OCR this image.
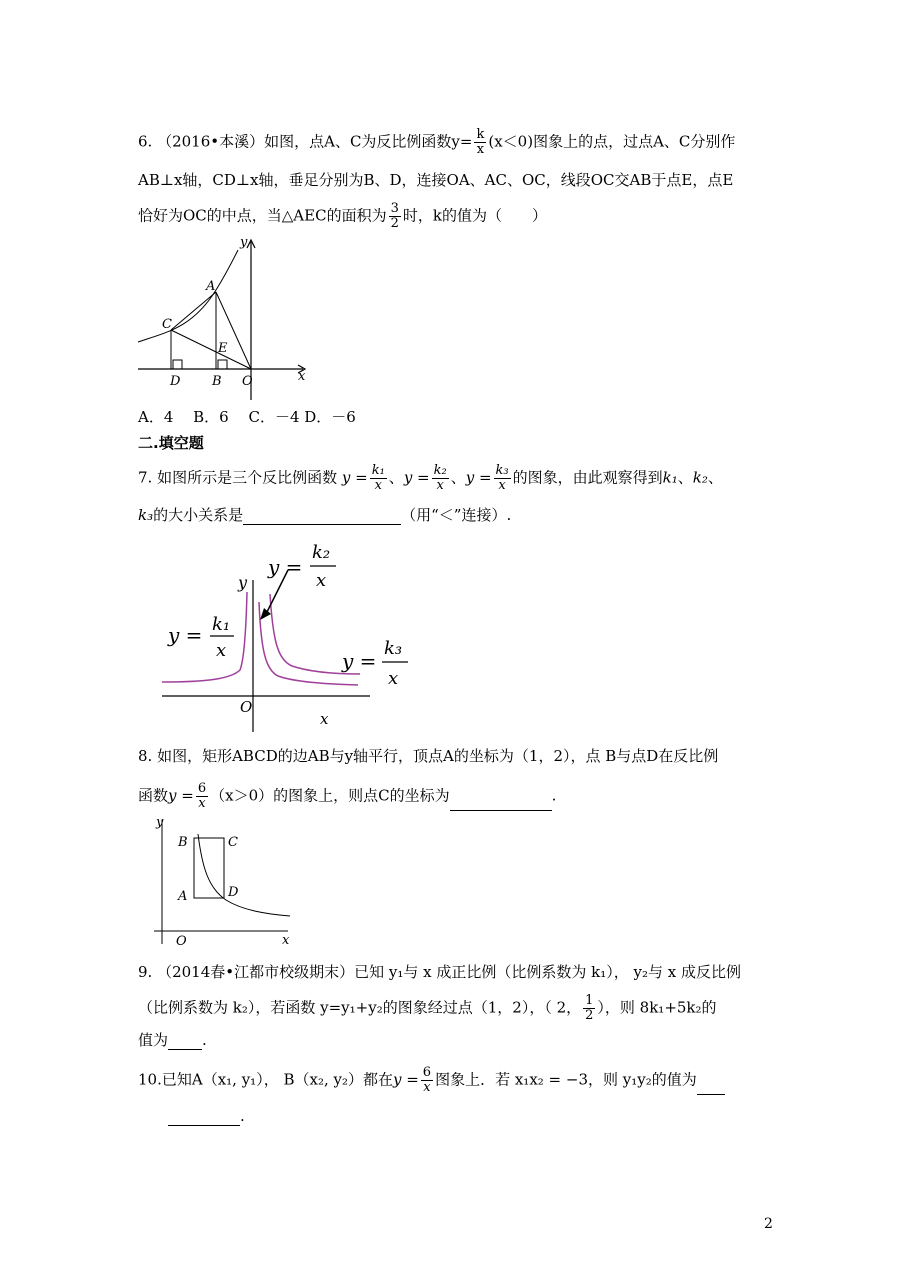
6. （2016•本溪）如图，点A、C为反比例函数$y= \frac{k}{x} (x<0)$图象上的点，过点A、C分别作
AB⊥x轴，CD⊥x轴，垂足分别为B、D，连接OA、AC、OC，线段OC交AB于点E，点E
恰好为OC的中点，当△AEC的面积为 $\frac{3}{2}$ 时，k的值为（　　）
y
A
C
E
D B O	x
A．4　 B．6　 C．－4 D．－6
二.填空题
7. 如图所示是三个反比例函数 $y = \frac{\text{k₁}}{x}$ 、$y = \frac{\text{k₂}}{x}$ 、$y = \frac{\text{k₃}}{x}$ 的图象，由此观察得到k₁、k₂、
k₃的大小关系是	（用“＜”连接）.
y
O
x
y = k₁
x
y =
k₂
x
y =
k₃
x
8. 如图，矩形ABCD的边AB与y轴平行，顶点A的坐标为（1，2），点 B与点D在反比例
函数$y = \frac{6}{x} (x>0)$的图象上，则点C的坐标为	.
y
B	C
A	D
O	x
9. （2014春•江都市校级期末）已知 y₁与 x 成正比例（比例系数为 k₁）， y₂与 x 成反比例
（比例系数为 k₂），若函数 y=y₁+y₂的图象经过点（1，2），（ 2， $\frac{1}{2}$ ），则 8k₁+5k₂的
值为 .
10.已知A（x₁, y₁）， B（x₂, y₂）都在$y = \frac{6}{x}$ 图象上．若 x₁x₂ = −3，则 y₁y₂的值为
.
2
